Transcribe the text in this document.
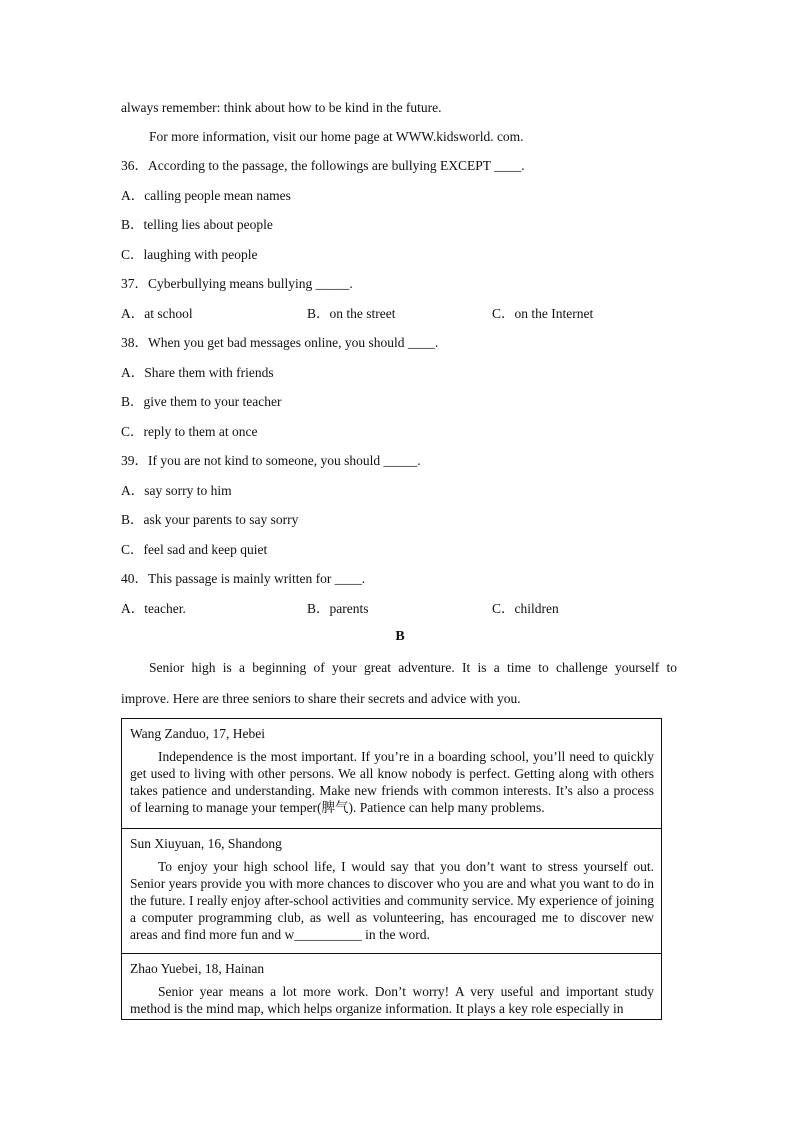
always remember: think about how to be kind in the future.
For more information, visit our home page at WWW.kidsworld. com.
36．According to the passage, the followings are bullying EXCEPT ____.
A．calling people mean names
B．telling lies about people
C．laughing with people
37．Cyberbullying means bullying _____.
A．at school	B．on the street	C．on the Internet
38．When you get bad messages online, you should ____.
A．Share them with friends
B．give them to your teacher
C．reply to them at once
39．If you are not kind to someone, you should _____.
A．say sorry to him
B．ask your parents to say sorry
C．feel sad and keep quiet
40．This passage is mainly written for ____.
A．teacher.	B．parents	C．children
B
Senior high is a beginning of your great adventure. It is a time to challenge yourself to
improve. Here are three seniors to share their secrets and advice with you.
Wang Zanduo, 17, Hebei
Independence is the most important. If you’re in a boarding school, you’ll need to quickly get used to living with other persons. We all know nobody is perfect. Getting along with others takes patience and understanding. Make new friends with common interests. It’s also a process of learning to manage your temper(脾气). Patience can help many problems.
Sun Xiuyuan, 16, Shandong
To enjoy your high school life, I would say that you don’t want to stress yourself out. Senior years provide you with more chances to discover who you are and what you want to do in the future. I really enjoy after-school activities and community service. My experience of joining a computer programming club, as well as volunteering, has encouraged me to discover new areas and find more fun and w__________ in the word.
Zhao Yuebei, 18, Hainan
Senior year means a lot more work. Don’t worry! A very useful and important study method is the mind map, which helps organize information. It plays a key role especially in
